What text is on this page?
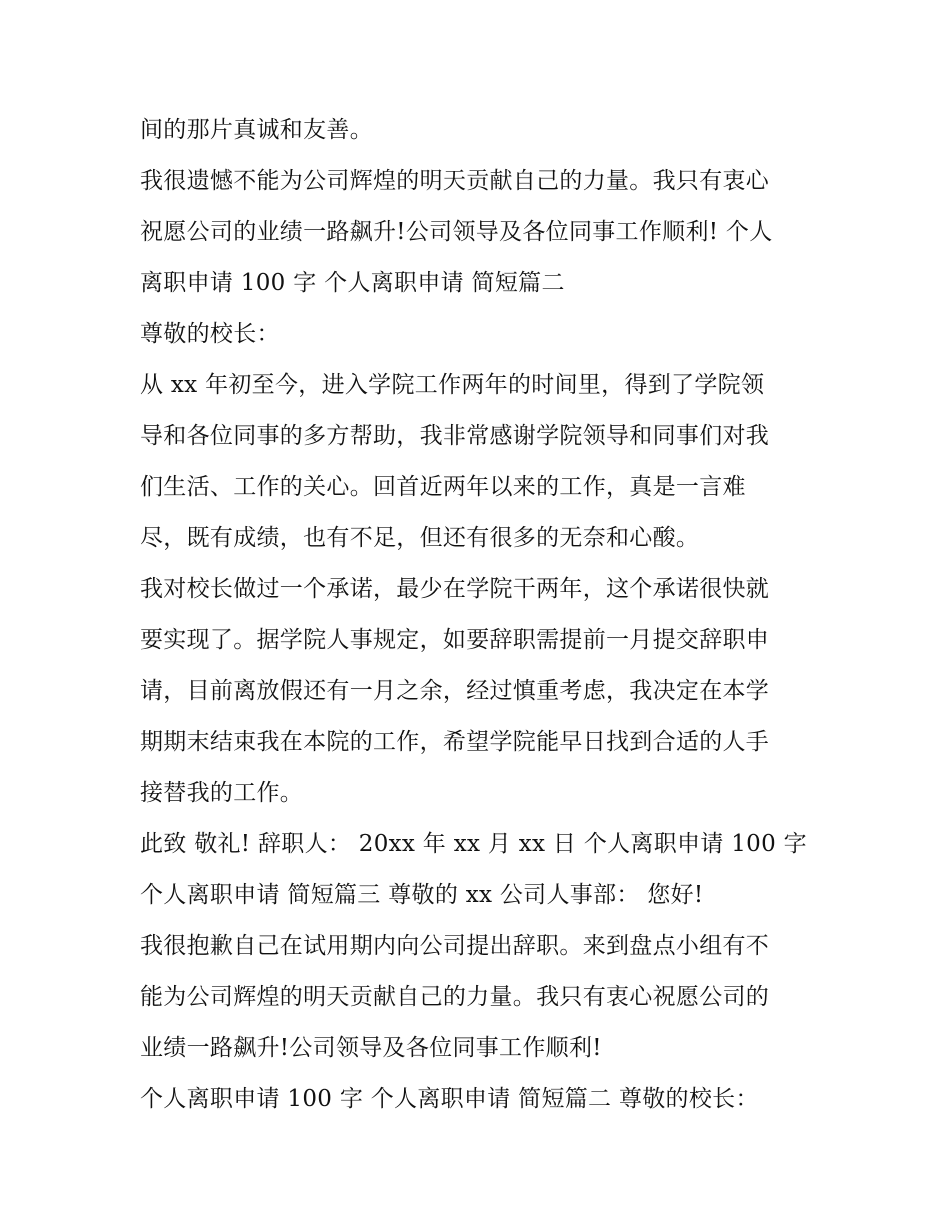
间的那片真诚和友善。
我很遗憾不能为公司辉煌的明天贡献自己的力量。我只有衷心
祝愿公司的业绩一路飙升!公司领导及各位同事工作顺利! 个人
离职申请 100 字 个人离职申请 简短篇二
尊敬的校长：
从 xx 年初至今，进入学院工作两年的时间里，得到了学院领
导和各位同事的多方帮助，我非常感谢学院领导和同事们对我
们生活、工作的关心。回首近两年以来的工作，真是一言难
尽，既有成绩，也有不足，但还有很多的无奈和心酸。
我对校长做过一个承诺，最少在学院干两年，这个承诺很快就
要实现了。据学院人事规定，如要辞职需提前一月提交辞职申
请，目前离放假还有一月之余，经过慎重考虑，我决定在本学
期期末结束我在本院的工作，希望学院能早日找到合适的人手
接替我的工作。
此致 敬礼! 辞职人： 20xx 年 xx 月 xx 日 个人离职申请 100 字
个人离职申请 简短篇三 尊敬的 xx 公司人事部： 您好!
我很抱歉自己在试用期内向公司提出辞职。来到盘点小组有不
能为公司辉煌的明天贡献自己的力量。我只有衷心祝愿公司的
业绩一路飙升!公司领导及各位同事工作顺利!
个人离职申请 100 字 个人离职申请 简短篇二 尊敬的校长：
